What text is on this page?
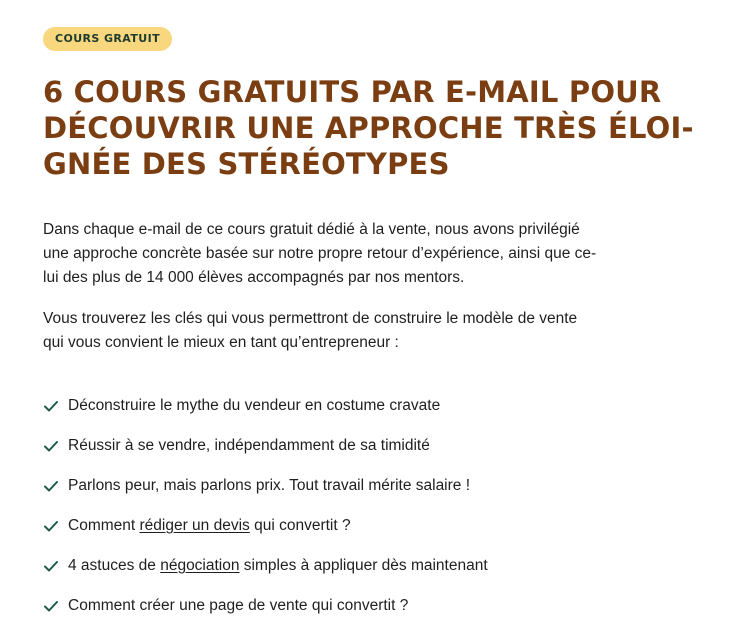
COURS GRATUIT
6 COURS GRATUITS PAR E-MAIL POUR
DÉCOUVRIR UNE APPROCHE TRÈS ÉLOI-
GNÉE DES STÉRÉOTYPES

Dans chaque e-mail de ce cours gratuit dédié à la vente, nous avons privilégié
une approche concrète basée sur notre propre retour d’expérience, ainsi que ce-
lui des plus de 14 000 élèves accompagnés par nos mentors.

Vous trouverez les clés qui vous permettront de construire le modèle de vente
qui vous convient le mieux en tant qu’entrepreneur :

Déconstruire le mythe du vendeur en costume cravate
Réussir à se vendre, indépendamment de sa timidité
Parlons peur, mais parlons prix. Tout travail mérite salaire !
Comment rédiger un devis qui convertit ?
4 astuces de négociation simples à appliquer dès maintenant
Comment créer une page de vente qui convertit ?
